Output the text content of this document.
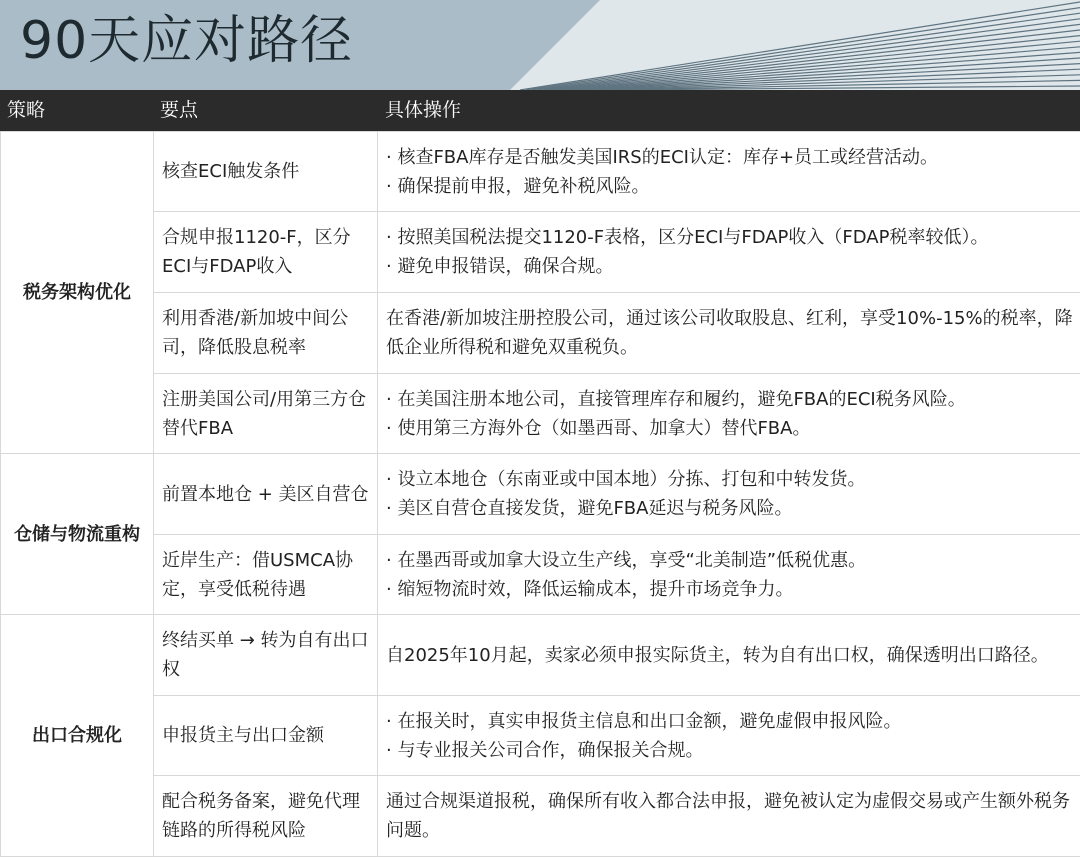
90天应对路径
策略	要点	具体操作
税务架构优化	核查ECI触发条件	· 核查FBA库存是否触发美国IRS的ECI认定：库存+员工或经营活动。
· 确保提前申报，避免补税风险。

	合规申报1120-F，区分ECI与FDAP收入	· 按照美国税法提交1120-F表格，区分ECI与FDAP收入（FDAP税率较低）。
· 避免申报错误，确保合规。

	利用香港/新加坡中间公司，降低股息税率	在香港/新加坡注册控股公司，通过该公司收取股息、红利，享受10%-15%的税率，降低企业所得税和避免双重税负。

	注册美国公司/用第三方仓替代FBA	· 在美国注册本地公司，直接管理库存和履约，避免FBA的ECI税务风险。
· 使用第三方海外仓（如墨西哥、加拿大）替代FBA。

仓储与物流重构	前置本地仓 + 美区自营仓	· 设立本地仓（东南亚或中国本地）分拣、打包和中转发货。
· 美区自营仓直接发货，避免FBA延迟与税务风险。

	近岸生产：借USMCA协定，享受低税待遇	· 在墨西哥或加拿大设立生产线，享受“北美制造”低税优惠。
· 缩短物流时效，降低运输成本，提升市场竞争力。

出口合规化	终结买单 → 转为自有出口权	自2025年10月起，卖家必须申报实际货主，转为自有出口权，确保透明出口路径。

	申报货主与出口金额	· 在报关时，真实申报货主信息和出口金额，避免虚假申报风险。
· 与专业报关公司合作，确保报关合规。

	配合税务备案，避免代理链路的所得税风险	通过合规渠道报税，确保所有收入都合法申报，避免被认定为虚假交易或产生额外税务问题。
